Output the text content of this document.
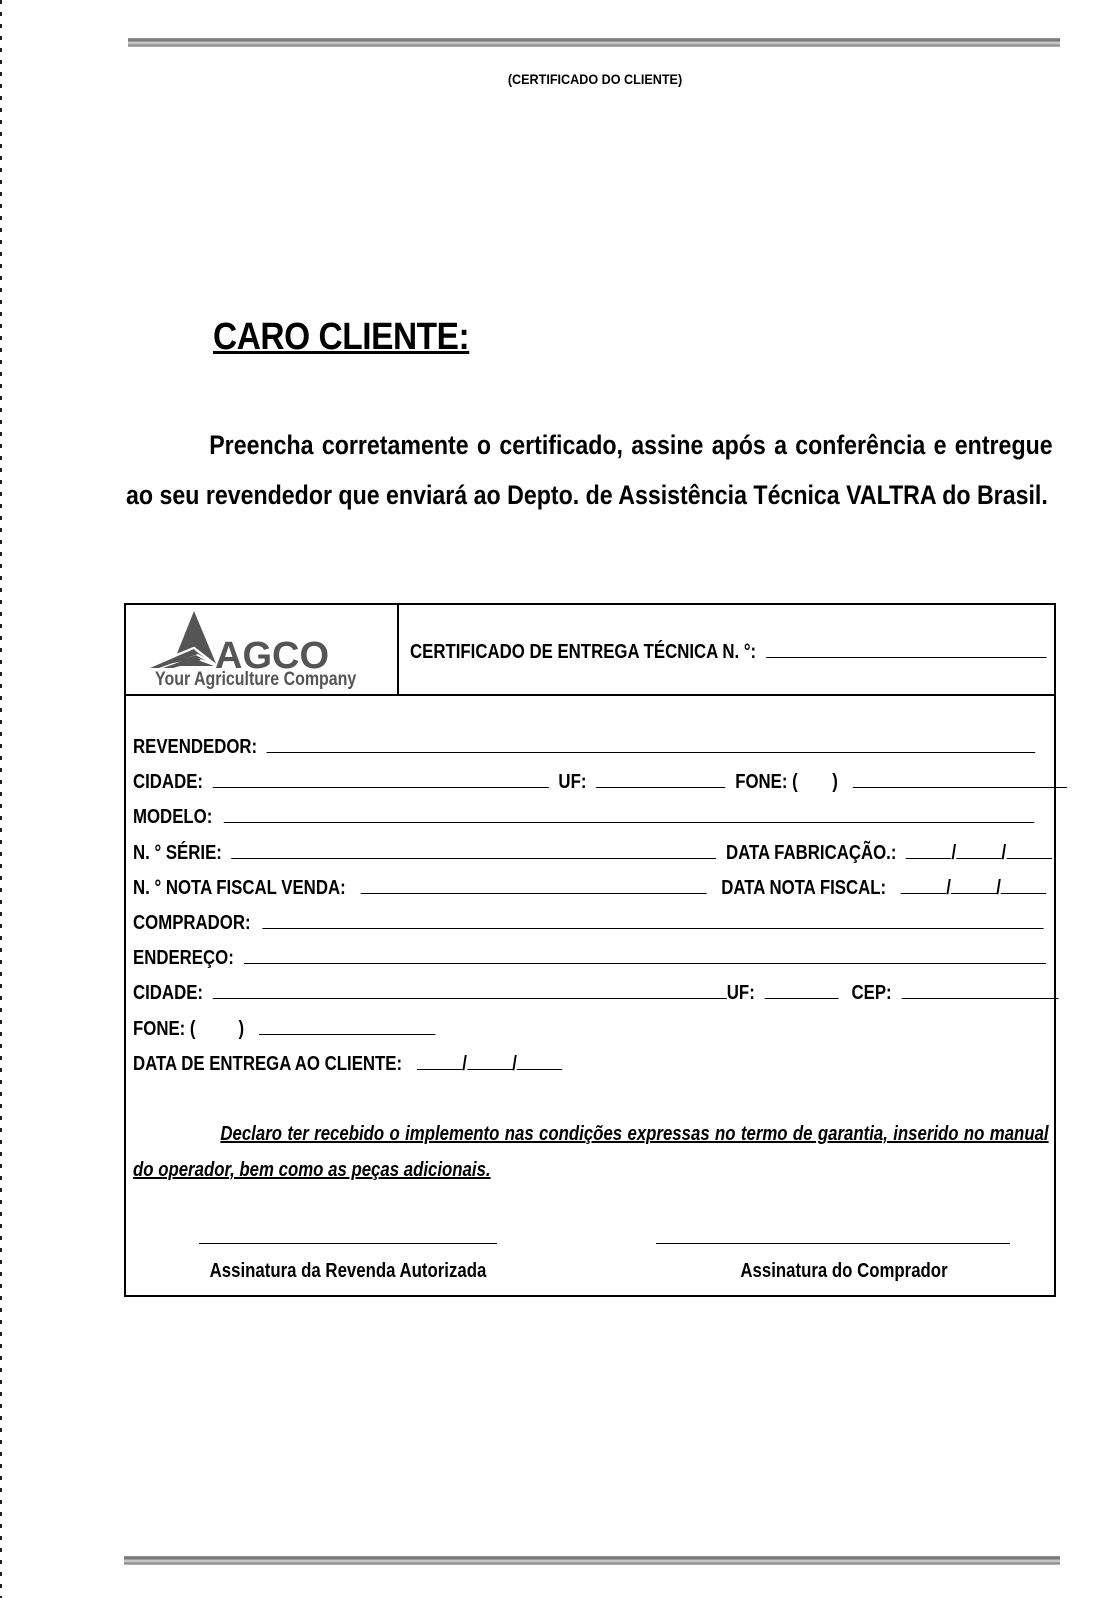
(CERTIFICADO DO CLIENTE)
CARO CLIENTE:

Preencha corretamente o certificado, assine após a conferência e entregue ao seu revendedor que enviará ao Depto. de Assistência Técnica VALTRA do Brasil.

AGCO
Your Agriculture Company
CERTIFICADO DE ENTREGA TÉCNICA N. °:
REVENDEDOR:
CIDADE:	UF:	FONE: ( )
MODELO:
N. ° SÉRIE:	DATA FABRICAÇÃO.:	/ /
N. ° NOTA FISCAL VENDA:	DATA NOTA FISCAL:	/ /
COMPRADOR:
ENDEREÇO:
CIDADE:	UF:	CEP:
FONE: ( )
DATA DE ENTREGA AO CLIENTE:	/ /

Declaro ter recebido o implemento nas condições expressas no termo de garantia, inserido no manual do operador, bem como as peças adicionais.

Assinatura da Revenda Autorizada	Assinatura do Comprador
